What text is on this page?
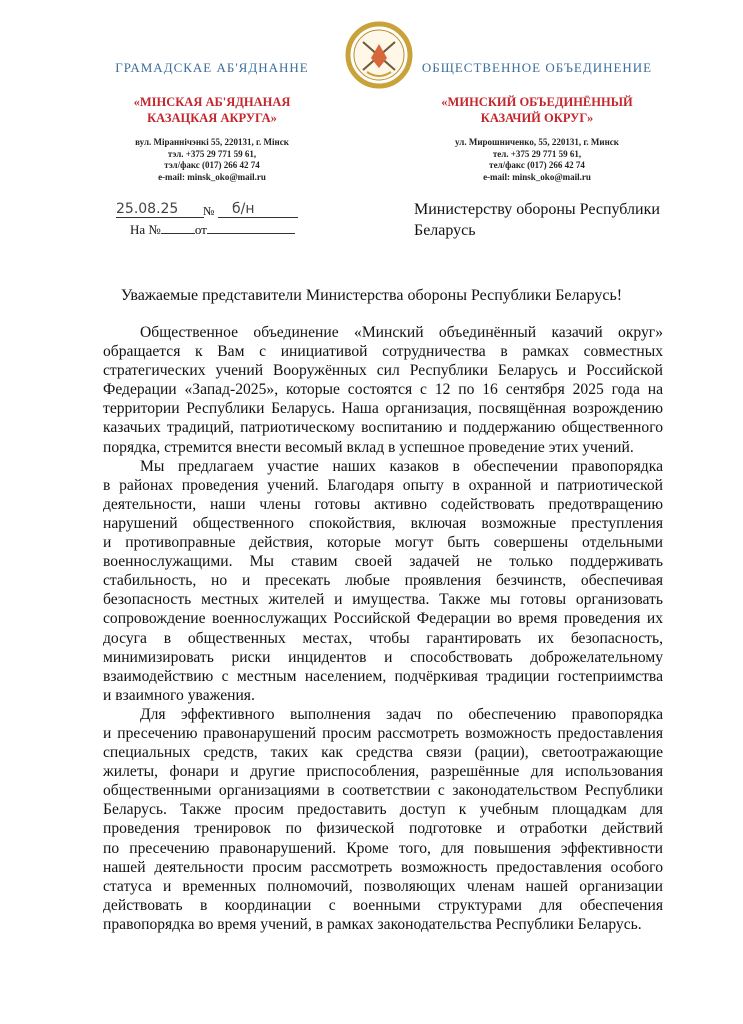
ГРАМАДСКАЕ АБ'ЯДНАННЕ	ОБЩЕСТВЕННОЕ ОБЪЕДИНЕНИЕ
«МІНСКАЯ АБ'ЯДНАНАЯ
КАЗАЦКАЯ АКРУГА»
«МИНСКИЙ ОБЪЕДИНЁННЫЙ
КАЗАЧИЙ ОКРУГ»
вул. Міраннічэнкі 55, 220131, г. Мінск
тэл. +375 29 771 59 61,
тэл/факс (017) 266 42 74
e-mail: minsk_oko@mail.ru
ул. Мирошниченко, 55, 220131, г. Минск
тел. +375 29 771 59 61,
тел/факс (017) 266 42 74
e-mail: minsk_oko@mail.ru
25.08.25	№	б/н
На №	от
Министерству обороны Республики
Беларусь
Уважаемые представители Министерства обороны Республики Беларусь!
Общественное объединение «Минский объединённый казачий округ»
обращается к Вам с инициативой сотрудничества в рамках совместных
стратегических учений Вооружённых сил Республики Беларусь и Российской
Федерации «Запад-2025», которые состоятся с 12 по 16 сентября 2025 года на
территории Республики Беларусь. Наша организация, посвящённая возрождению
казачьих традиций, патриотическому воспитанию и поддержанию общественного
порядка, стремится внести весомый вклад в успешное проведение этих учений.
Мы предлагаем участие наших казаков в обеспечении правопорядка
в районах проведения учений. Благодаря опыту в охранной и патриотической
деятельности, наши члены готовы активно содействовать предотвращению
нарушений общественного спокойствия, включая возможные преступления
и противоправные действия, которые могут быть совершены отдельными
военнослужащими. Мы ставим своей задачей не только поддерживать
стабильность, но и пресекать любые проявления безчинств, обеспечивая
безопасность местных жителей и имущества. Также мы готовы организовать
сопровождение военнослужащих Российской Федерации во время проведения их
досуга в общественных местах, чтобы гарантировать их безопасность,
минимизировать риски инцидентов и способствовать доброжелательному
взаимодействию с местным населением, подчёркивая традиции гостеприимства
и взаимного уважения.
Для эффективного выполнения задач по обеспечению правопорядка
и пресечению правонарушений просим рассмотреть возможность предоставления
специальных средств, таких как средства связи (рации), светоотражающие
жилеты, фонари и другие приспособления, разрешённые для использования
общественными организациями в соответствии с законодательством Республики
Беларусь. Также просим предоставить доступ к учебным площадкам для
проведения тренировок по физической подготовке и отработки действий
по пресечению правонарушений. Кроме того, для повышения эффективности
нашей деятельности просим рассмотреть возможность предоставления особого
статуса и временных полномочий, позволяющих членам нашей организации
действовать в координации с военными структурами для обеспечения
правопорядка во время учений, в рамках законодательства Республики Беларусь.
